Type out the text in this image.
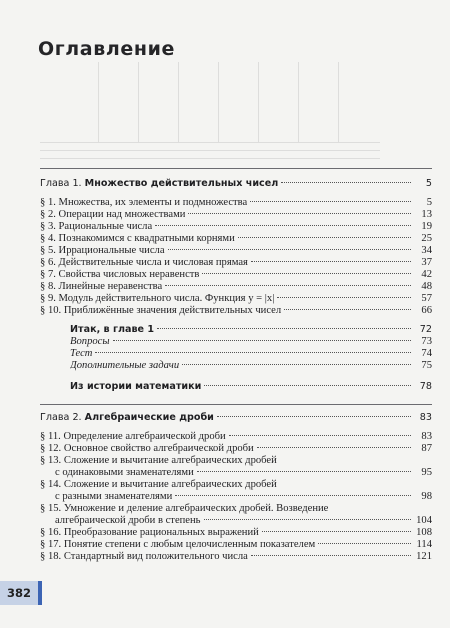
Оглавление
Глава 1. Множество действительных чисел	5
§ 1. Множества, их элементы и подмножества	5
§ 2. Операции над множествами	13
§ 3. Рациональные числа	19
§ 4. Познакомимся с квадратными корнями	25
§ 5. Иррациональные числа	34
§ 6. Действительные числа и числовая прямая	37
§ 7. Свойства числовых неравенств	42
§ 8. Линейные неравенства	48
§ 9. Модуль действительного числа. Функция y = |x|	57
§ 10. Приближённые значения действительных чисел	66
Итак, в главе 1	72
Вопросы	73
Тест	74
Дополнительные задачи	75
Из истории математики	78
Глава 2. Алгебраические дроби	83
§ 11. Определение алгебраической дроби	83
§ 12. Основное свойство алгебраической дроби	87
§ 13. Сложение и вычитание алгебраических дробей
с одинаковыми знаменателями	95
§ 14. Сложение и вычитание алгебраических дробей
с разными знаменателями	98
§ 15. Умножение и деление алгебраических дробей. Возведение
алгебраической дроби в степень	104
§ 16. Преобразование рациональных выражений	108
§ 17. Понятие степени с любым целочисленным показателем	114
§ 18. Стандартный вид положительного числа	121
382
